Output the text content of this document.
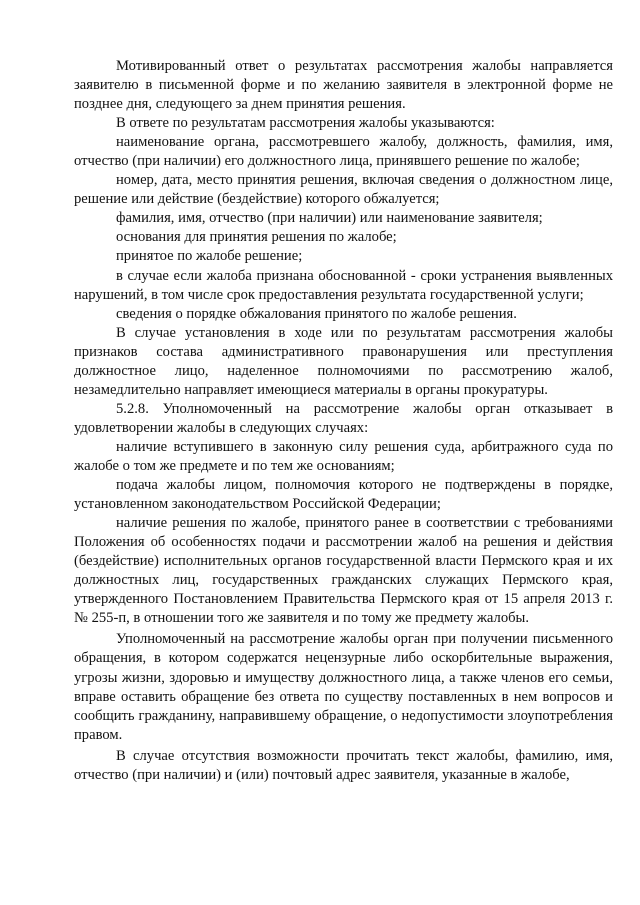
Мотивированный ответ о результатах рассмотрения жалобы направляется заявителю в письменной форме и по желанию заявителя в электронной форме не позднее дня, следующего за днем принятия решения.

В ответе по результатам рассмотрения жалобы указываются:

наименование органа, рассмотревшего жалобу, должность, фамилия, имя, отчество (при наличии) его должностного лица, принявшего решение по жалобе;

номер, дата, место принятия решения, включая сведения о должностном лице, решение или действие (бездействие) которого обжалуется;

фамилия, имя, отчество (при наличии) или наименование заявителя;

основания для принятия решения по жалобе;

принятое по жалобе решение;

в случае если жалоба признана обоснованной - сроки устранения выявленных нарушений, в том числе срок предоставления результата государственной услуги;

сведения о порядке обжалования принятого по жалобе решения.

В случае установления в ходе или по результатам рассмотрения жалобы признаков состава административного правонарушения или преступления должностное лицо, наделенное полномочиями по рассмотрению жалоб, незамедлительно направляет имеющиеся материалы в органы прокуратуры.

5.2.8. Уполномоченный на рассмотрение жалобы орган отказывает в удовлетворении жалобы в следующих случаях:

наличие вступившего в законную силу решения суда, арбитражного суда по жалобе о том же предмете и по тем же основаниям;

подача жалобы лицом, полномочия которого не подтверждены в порядке, установленном законодательством Российской Федерации;

наличие решения по жалобе, принятого ранее в соответствии с требованиями Положения об особенностях подачи и рассмотрении жалоб на решения и действия (бездействие) исполнительных органов государственной власти Пермского края и их должностных лиц, государственных гражданских служащих Пермского края, утвержденного Постановлением Правительства Пермского края от 15 апреля 2013 г. № 255-п, в отношении того же заявителя и по тому же предмету жалобы.

Уполномоченный на рассмотрение жалобы орган при получении письменного обращения, в котором содержатся нецензурные либо оскорбительные выражения, угрозы жизни, здоровью и имуществу должностного лица, а также членов его семьи, вправе оставить обращение без ответа по существу поставленных в нем вопросов и сообщить гражданину, направившему обращение, о недопустимости злоупотребления правом.

В случае отсутствия возможности прочитать текст жалобы, фамилию, имя, отчество (при наличии) и (или) почтовый адрес заявителя, указанные в жалобе,
